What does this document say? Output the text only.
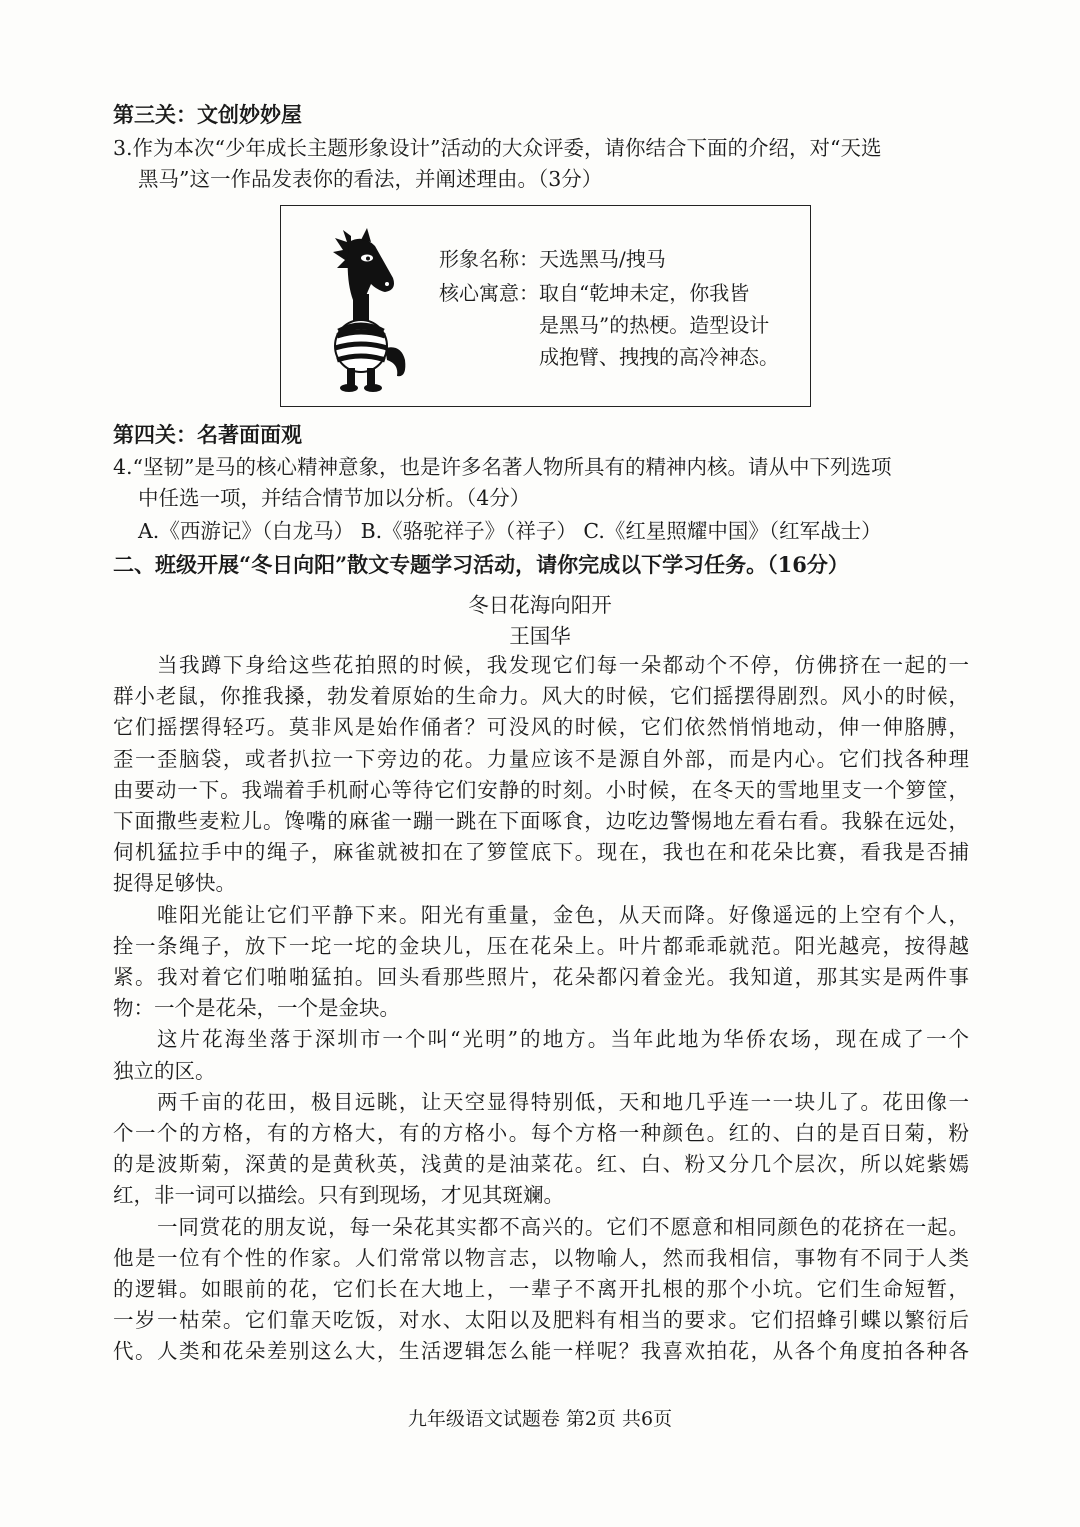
第三关：文创妙妙屋
3.作为本次“少年成长主题形象设计”活动的大众评委，请你结合下面的介绍，对“天选
黑马”这一作品发表你的看法，并阐述理由。（3分）
形象名称：天选黑马/拽马
核心寓意：取自“乾坤未定，你我皆
是黑马”的热梗。造型设计
成抱臂、拽拽的高冷神态。
第四关：名著面面观
4.“坚韧”是马的核心精神意象，也是许多名著人物所具有的精神内核。请从中下列选项
中任选一项，并结合情节加以分析。（4分）
A.《西游记》（白龙马） B.《骆驼祥子》（祥子） C.《红星照耀中国》（红军战士）
二、班级开展“冬日向阳”散文专题学习活动，请你完成以下学习任务。（16分）
冬日花海向阳开
王国华
当我蹲下身给这些花拍照的时候，我发现它们每一朵都动个不停，仿佛挤在一起的一
群小老鼠，你推我搡，勃发着原始的生命力。风大的时候，它们摇摆得剧烈。风小的时候，
它们摇摆得轻巧。莫非风是始作俑者？可没风的时候，它们依然悄悄地动，伸一伸胳膊，
歪一歪脑袋，或者扒拉一下旁边的花。力量应该不是源自外部，而是内心。它们找各种理
由要动一下。我端着手机耐心等待它们安静的时刻。小时候，在冬天的雪地里支一个箩筐，
下面撒些麦粒儿。馋嘴的麻雀一蹦一跳在下面啄食，边吃边警惕地左看右看。我躲在远处，
伺机猛拉手中的绳子，麻雀就被扣在了箩筐底下。现在，我也在和花朵比赛，看我是否捕
捉得足够快。
唯阳光能让它们平静下来。阳光有重量，金色，从天而降。好像遥远的上空有个人，
拴一条绳子，放下一坨一坨的金块儿，压在花朵上。叶片都乖乖就范。阳光越亮，按得越
紧。我对着它们啪啪猛拍。回头看那些照片，花朵都闪着金光。我知道，那其实是两件事
物：一个是花朵，一个是金块。
这片花海坐落于深圳市一个叫“光明”的地方。当年此地为华侨农场，现在成了一个
独立的区。
两千亩的花田，极目远眺，让天空显得特别低，天和地几乎连一一块儿了。花田像一
个一个的方格，有的方格大，有的方格小。每个方格一种颜色。红的、白的是百日菊，粉
的是波斯菊，深黄的是黄秋英，浅黄的是油菜花。红、白、粉又分几个层次，所以姹紫嫣
红，非一词可以描绘。只有到现场，才见其斑斓。
一同赏花的朋友说，每一朵花其实都不高兴的。它们不愿意和相同颜色的花挤在一起。
他是一位有个性的作家。人们常常以物言志，以物喻人，然而我相信，事物有不同于人类
的逻辑。如眼前的花，它们长在大地上，一辈子不离开扎根的那个小坑。它们生命短暂，
一岁一枯荣。它们靠天吃饭，对水、太阳以及肥料有相当的要求。它们招蜂引蝶以繁衍后
代。人类和花朵差别这么大，生活逻辑怎么能一样呢？我喜欢拍花，从各个角度拍各种各
九年级语文试题卷 第2页 共6页
